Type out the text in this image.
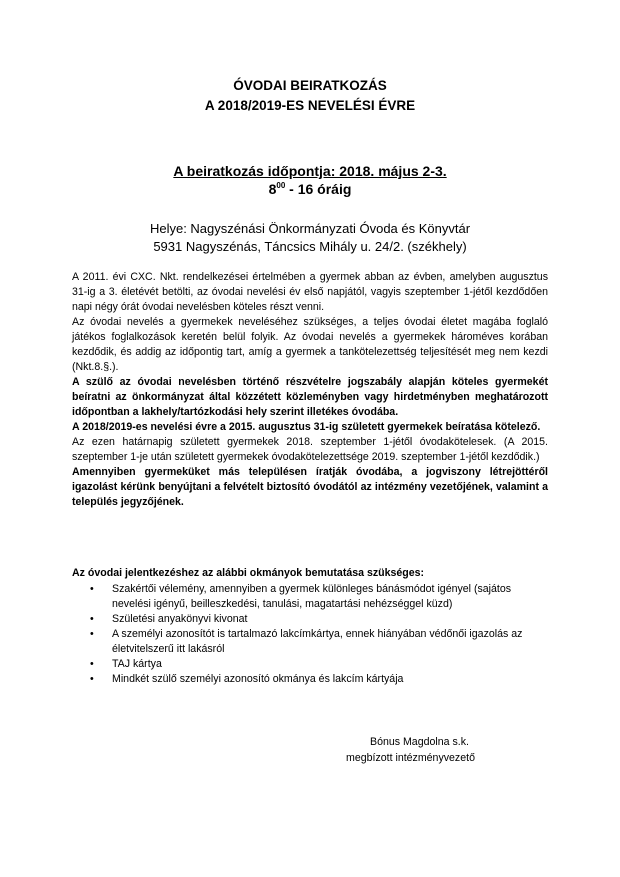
ÓVODAI BEIRATKOZÁS
A 2018/2019-ES NEVELÉSI ÉVRE
A beiratkozás időpontja: 2018. május 2-3.
$8^{00} - 16$ óráig
Helye: Nagyszénási Önkormányzati Óvoda és Könyvtár
5931 Nagyszénás, Táncsics Mihály u. 24/2. (székhely)

A 2011. évi CXC. Nkt. rendelkezései értelmében a gyermek abban az évben, amelyben augusztus 31-ig a 3. életévét betölti, az óvodai nevelési év első napjától, vagyis szeptember 1-jétől kezdődően napi négy órát óvodai nevelésben köteles részt venni.

Az óvodai nevelés a gyermekek neveléséhez szükséges, a teljes óvodai életet magába foglaló játékos foglalkozások keretén belül folyik. Az óvodai nevelés a gyermekek hároméves korában kezdődik, és addig az időpontig tart, amíg a gyermek a tankötelezettség teljesítését meg nem kezdi (Nkt.8.§.).

A szülő az óvodai nevelésben történő részvételre jogszabály alapján köteles gyermekét beíratni az önkormányzat által közzétett közleményben vagy hirdetményben meghatározott időpontban a lakhely/tartózkodási hely szerint illetékes óvodába.

A 2018/2019-es nevelési évre a 2015. augusztus 31-ig született gyermekek beíratása kötelező.

Az ezen határnapig született gyermekek 2018. szeptember 1-jétől óvodakötelesek. (A 2015. szeptember 1-je után született gyermekek óvodakötelezettsége 2019. szeptember 1-jétől kezdődik.)

Amennyiben gyermeküket más településen íratják óvodába, a jogviszony létrejöttéről igazolást kérünk benyújtani a felvételt biztosító óvodától az intézmény vezetőjének, valamint a település jegyzőjének.

Az óvodai jelentkezéshez az alábbi okmányok bemutatása szükséges:
• Szakértői vélemény, amennyiben a gyermek különleges bánásmódot igényel (sajátos nevelési igényű, beilleszkedési, tanulási, magatartási nehézséggel küzd)
• Születési anyakönyvi kivonat
• A személyi azonosítót is tartalmazó lakcímkártya, ennek hiányában védőnői igazolás az életvitelszerű itt lakásról
• TAJ kártya
• Mindkét szülő személyi azonosító okmánya és lakcím kártyája
Bónus Magdolna s.k.
megbízott intézményvezető
